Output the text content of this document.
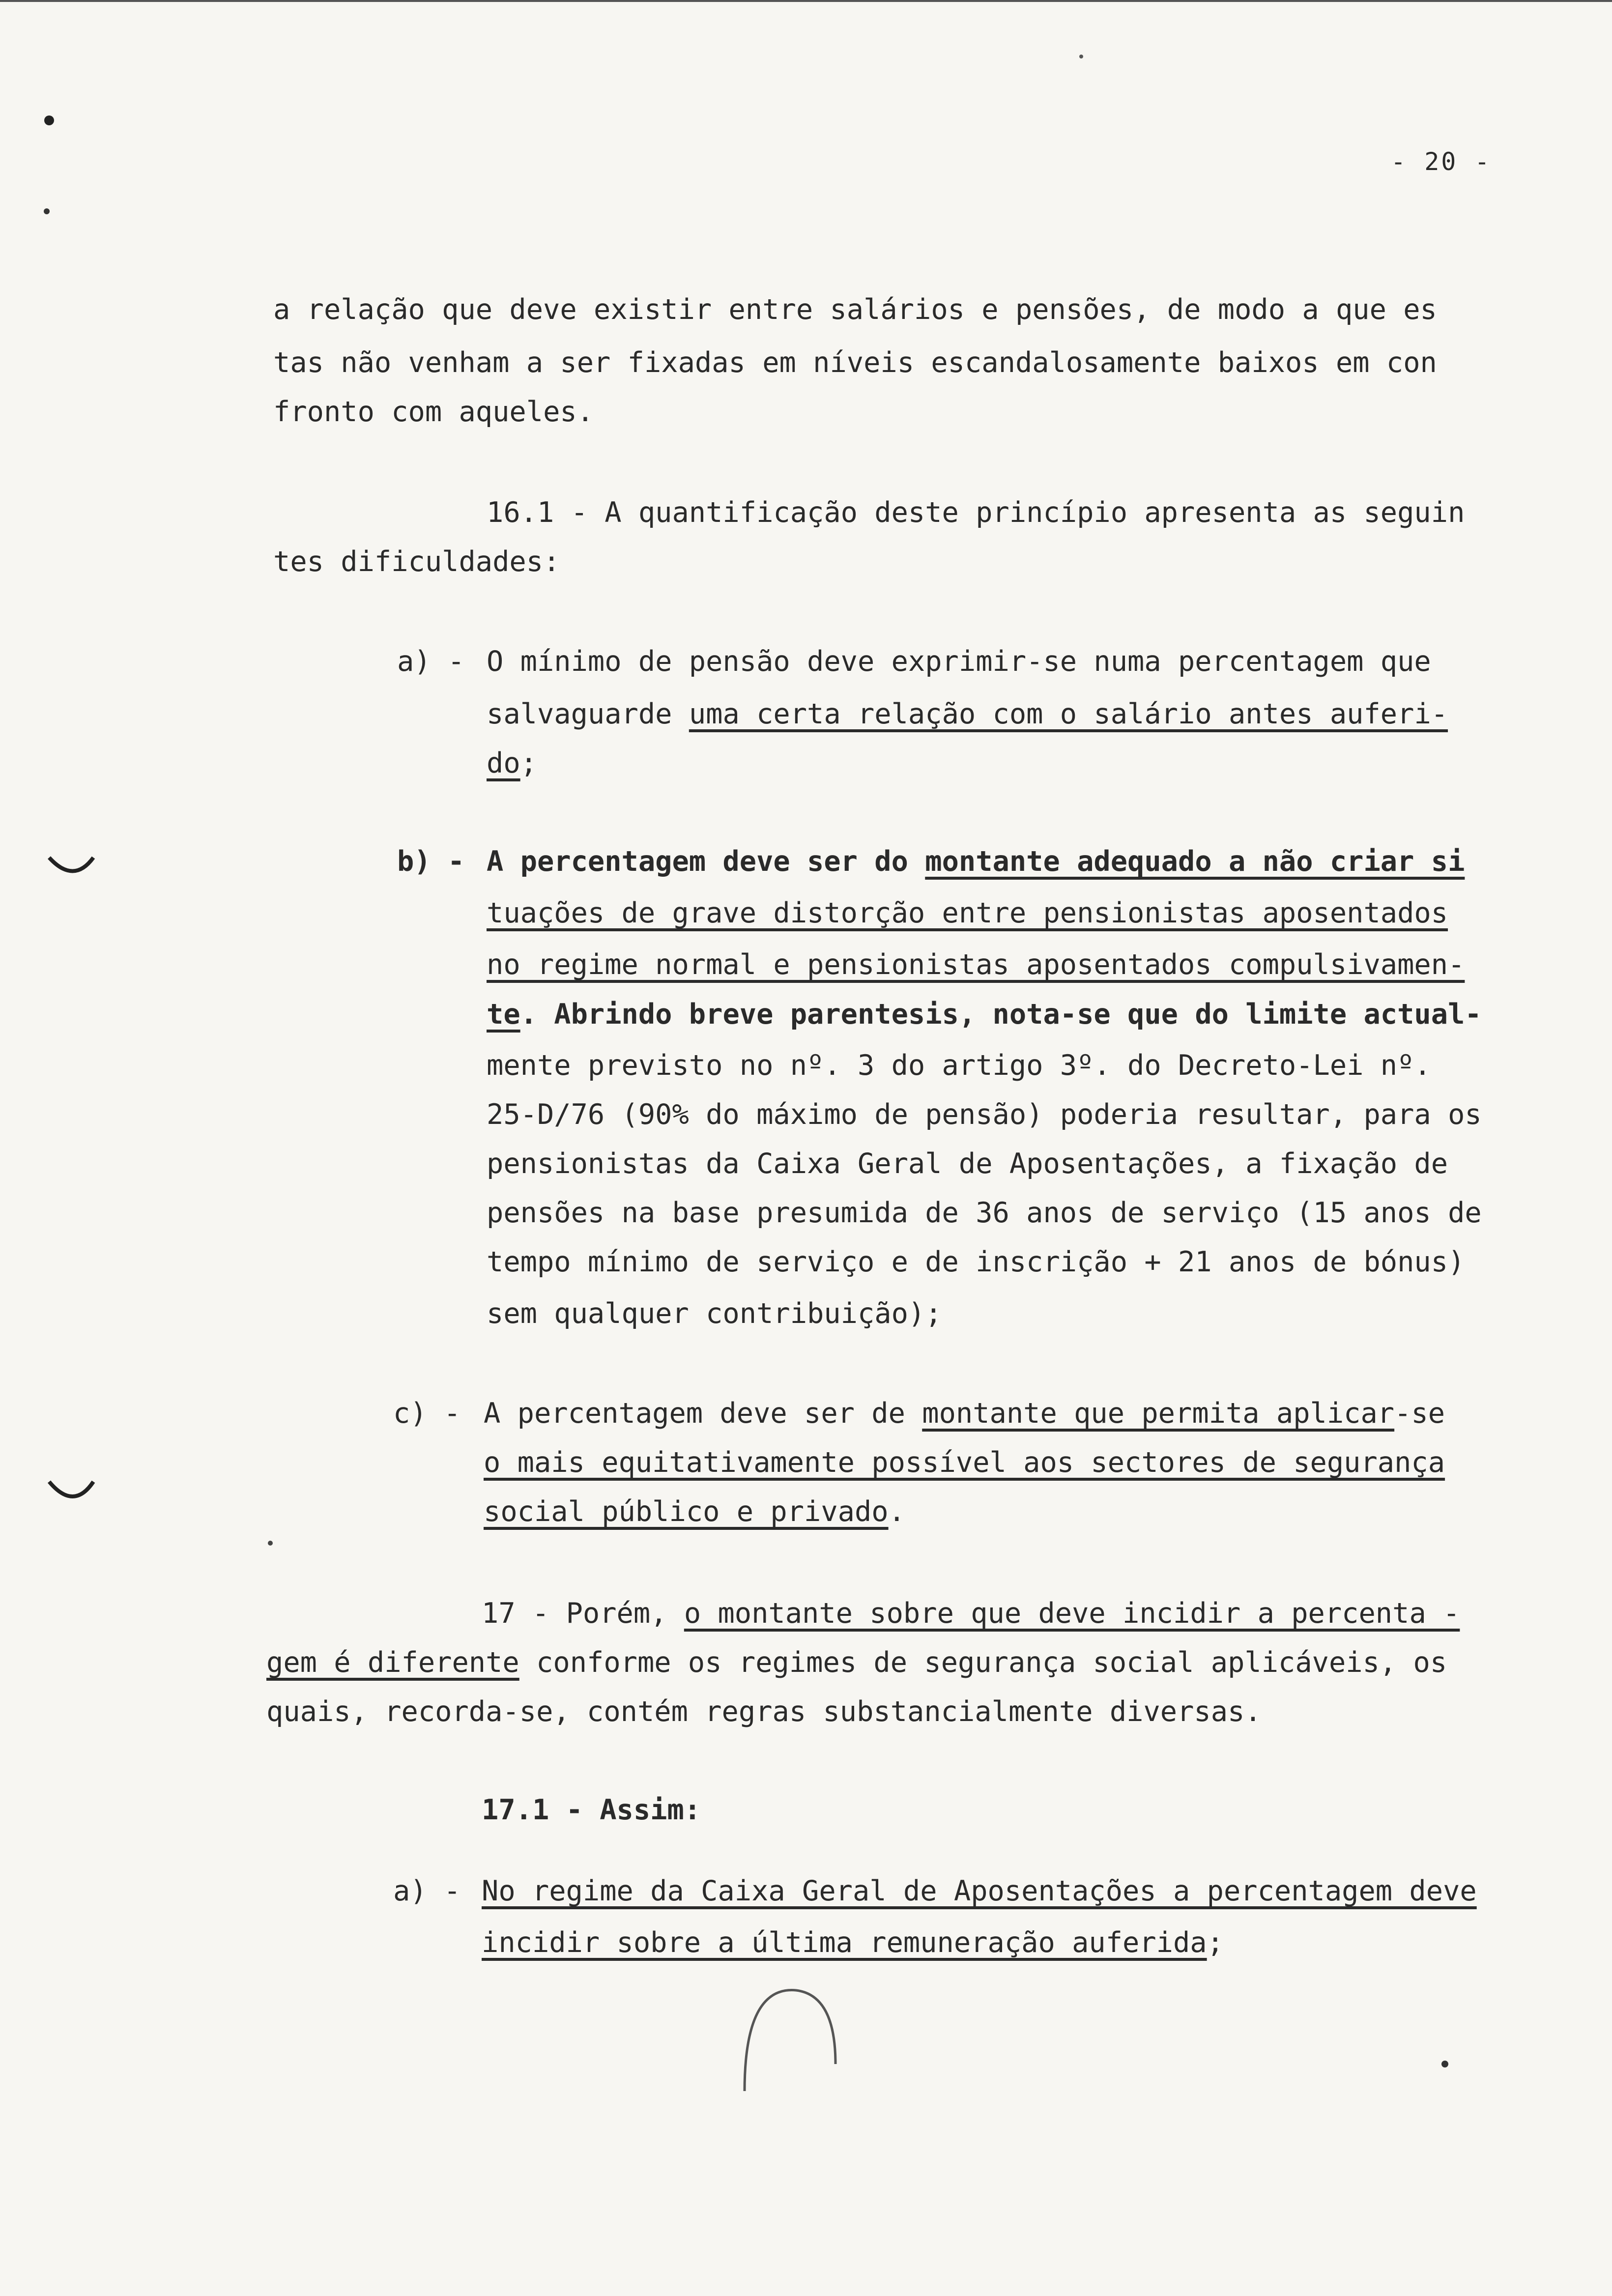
- 20 -
a relação que deve existir entre salários e pensões, de modo a que es
tas não venham a ser fixadas em níveis escandalosamente baixos em con
fronto com aqueles.
16.1 - A quantificação deste princípio apresenta as seguin
tes dificuldades:
a) - O mínimo de pensão deve exprimir-se numa percentagem que
salvaguarde uma certa relação com o salário antes auferi-
do;
b) - A percentagem deve ser do montante adequado a não criar si
tuações de grave distorção entre pensionistas aposentados
no regime normal e pensionistas aposentados compulsivamen-
te. Abrindo breve parentesis, nota-se que do limite actual-
mente previsto no nº. 3 do artigo 3º. do Decreto-Lei nº.
25-D/76 (90% do máximo de pensão) poderia resultar, para os
pensionistas da Caixa Geral de Aposentações, a fixação de
pensões na base presumida de 36 anos de serviço (15 anos de
tempo mínimo de serviço e de inscrição + 21 anos de bónus)
sem qualquer contribuição);
c) - A percentagem deve ser de montante que permita aplicar-se
o mais equitativamente possível aos sectores de segurança
social público e privado.
17 - Porém, o montante sobre que deve incidir a percenta -
gem é diferente conforme os regimes de segurança social aplicáveis, os
quais, recorda-se, contém regras substancialmente diversas.
17.1 - Assim:
a) - No regime da Caixa Geral de Aposentações a percentagem deve
incidir sobre a última remuneração auferida;
